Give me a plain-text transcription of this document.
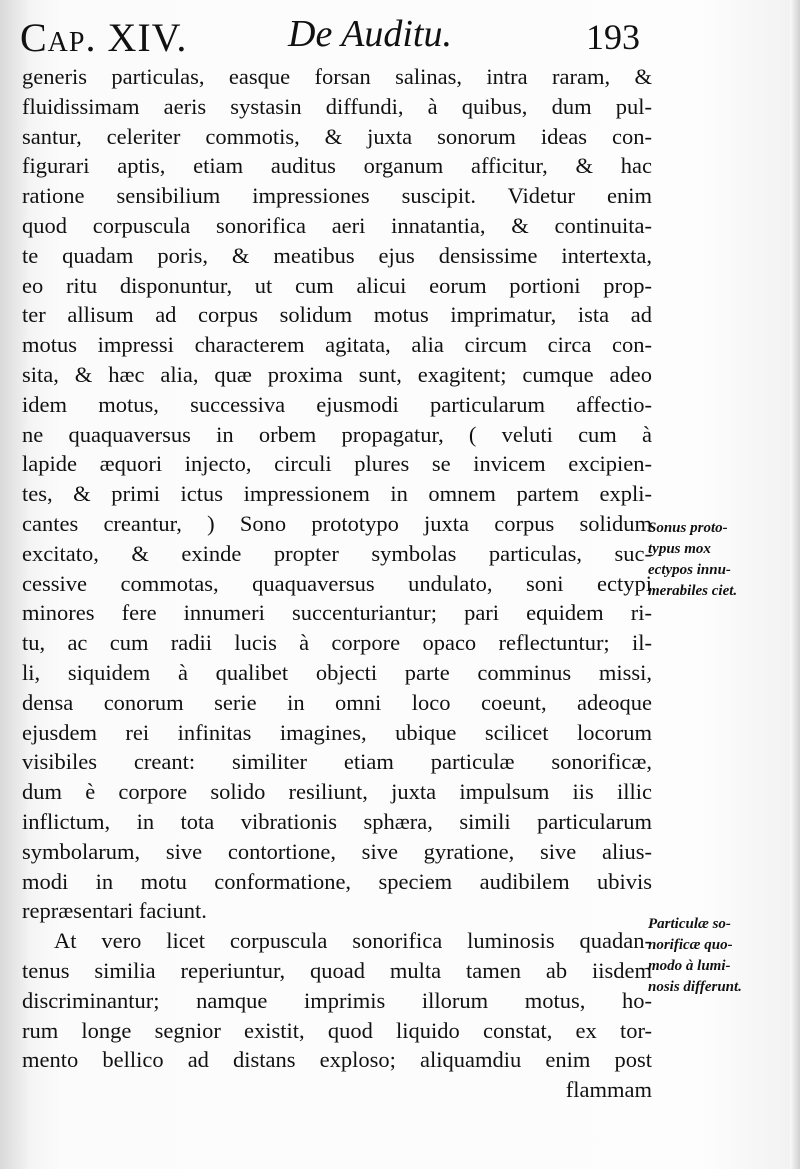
Cap. XIV.	De Auditu.	193
generis particulas, easque forsan salinas, intra raram, &
fluidissimam aeris systasin diffundi, à quibus, dum pul-
santur, celeriter commotis, & juxta sonorum ideas con-
figurari aptis, etiam auditus organum afficitur, & hac
ratione sensibilium impressiones suscipit. Videtur enim
quod corpuscula sonorifica aeri innatantia, & continuita-
te quadam poris, & meatibus ejus densissime intertexta,
eo ritu disponuntur, ut cum alicui eorum portioni prop-
ter allisum ad corpus solidum motus imprimatur, ista ad
motus impressi characterem agitata, alia circum circa con-
sita, & hæc alia, quæ proxima sunt, exagitent; cumque adeo
idem motus, successiva ejusmodi particularum affectio-
ne quaquaversus in orbem propagatur, ( veluti cum à
lapide æquori injecto, circuli plures se invicem excipien-
tes, & primi ictus impressionem in omnem partem expli-
cantes creantur, ) Sono prototypo juxta corpus solidum
excitato, & exinde propter symbolas particulas, suc-
cessive commotas, quaquaversus undulato, soni ectypi
minores fere innumeri succenturiantur; pari equidem ri-
tu, ac cum radii lucis à corpore opaco reflectuntur; il-
li, siquidem à qualibet objecti parte comminus missi,
densa conorum serie in omni loco coeunt, adeoque
ejusdem rei infinitas imagines, ubique scilicet locorum
visibiles creant: similiter etiam particulæ sonorificæ,
dum è corpore solido resiliunt, juxta impulsum iis illic
inflictum, in tota vibrationis sphæra, simili particularum
symbolarum, sive contortione, sive gyratione, sive alius-
modi in motu conformatione, speciem audibilem ubivis
repræsentari faciunt.
At vero licet corpuscula sonorifica luminosis quadan-
tenus similia reperiuntur, quoad multa tamen ab iisdem
discriminantur; namque imprimis illorum motus, ho-
rum longe segnior existit, quod liquido constat, ex tor-
mento bellico ad distans exploso; aliquamdiu enim post
flammam
Sonus proto-
typus mox
ectypos innu-
merabiles ciet.
Particulæ so-
norificæ quo-
modo à lumi-
nosis differunt.
